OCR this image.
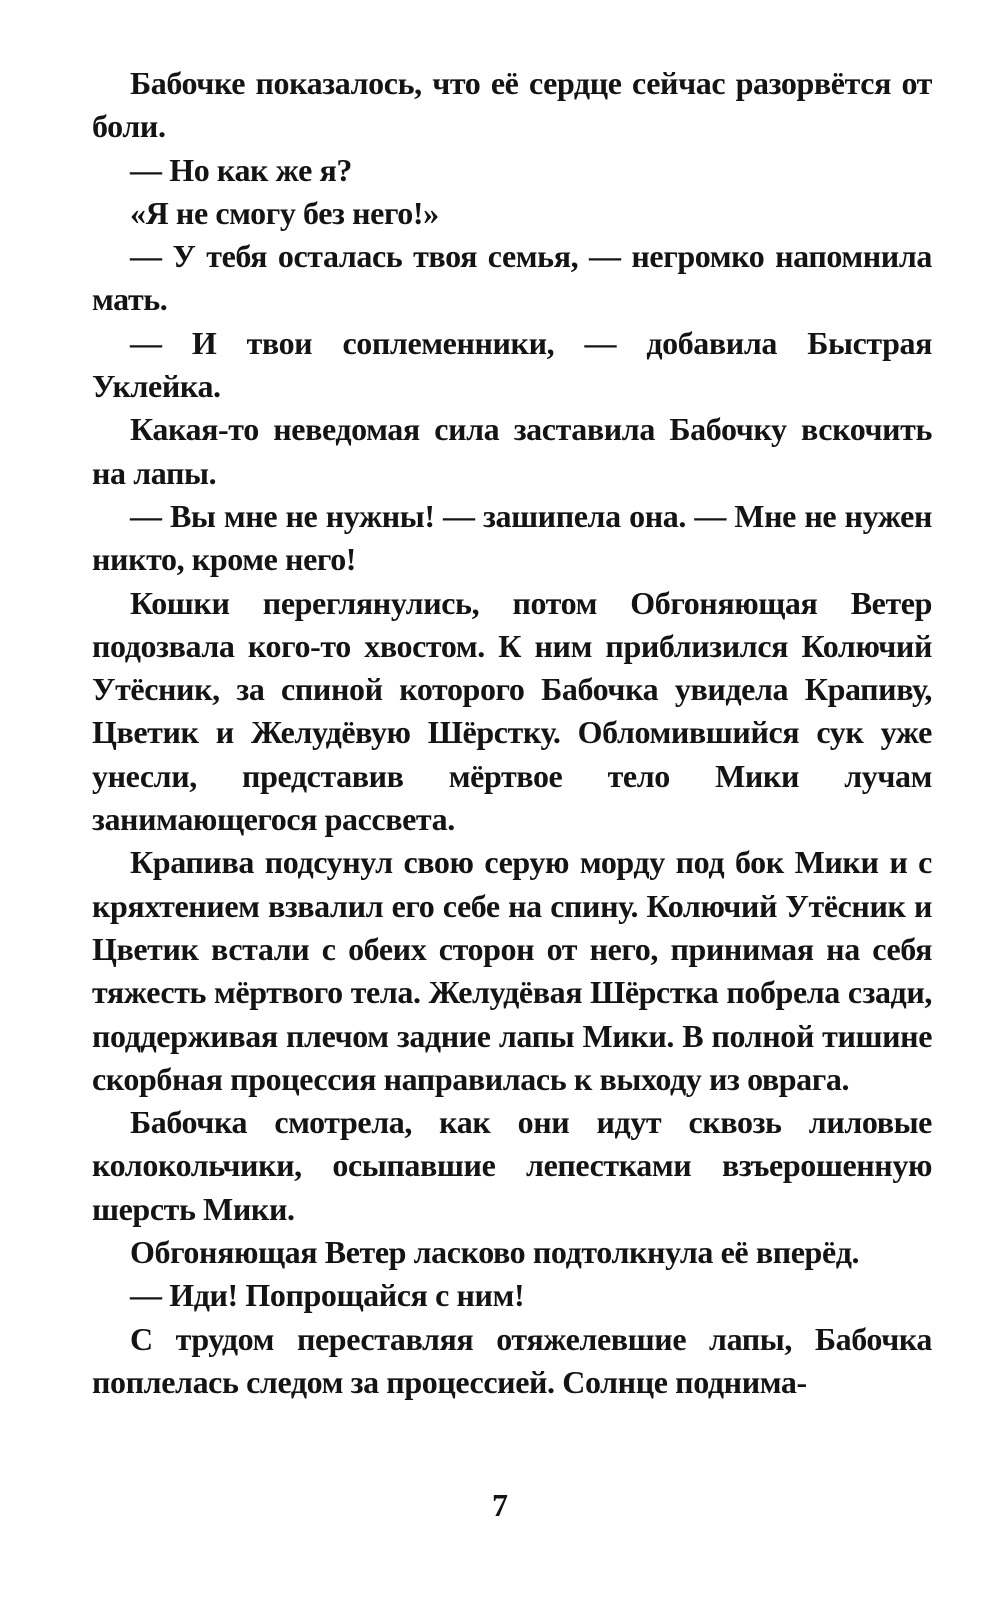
Бабочке показалось, что её сердце сейчас разорвётся от боли.

— Но как же я?

«Я не смогу без него!»

— У тебя осталась твоя семья, — негромко напомнила мать.

— И твои соплеменники, — добавила Быстрая Уклейка.

Какая-то неведомая сила заставила Бабочку вскочить на лапы.

— Вы мне не нужны! — зашипела она. — Мне не нужен никто, кроме него!

Кошки переглянулись, потом Обгоняющая Ветер подозвала кого-то хвостом. К ним приблизился Колючий Утёсник, за спиной которого Бабочка увидела Крапиву, Цветик и Желудёвую Шёрстку. Обломившийся сук уже унесли, представив мёртвое тело Мики лучам занимающегося рассвета.

Крапива подсунул свою серую морду под бок Мики и с кряхтением взвалил его себе на спину. Колючий Утёсник и Цветик встали с обеих сторон от него, принимая на себя тяжесть мёртвого тела. Желудёвая Шёрстка побрела сзади, поддерживая плечом задние лапы Мики. В полной тишине скорбная процессия направилась к выходу из оврага.

Бабочка смотрела, как они идут сквозь лиловые колокольчики, осыпавшие лепестками взъерошенную шерсть Мики.

Обгоняющая Ветер ласково подтолкнула её вперёд.

— Иди! Попрощайся с ним!

С трудом переставляя отяжелевшие лапы, Бабочка поплелась следом за процессией. Солнце поднима-

7
